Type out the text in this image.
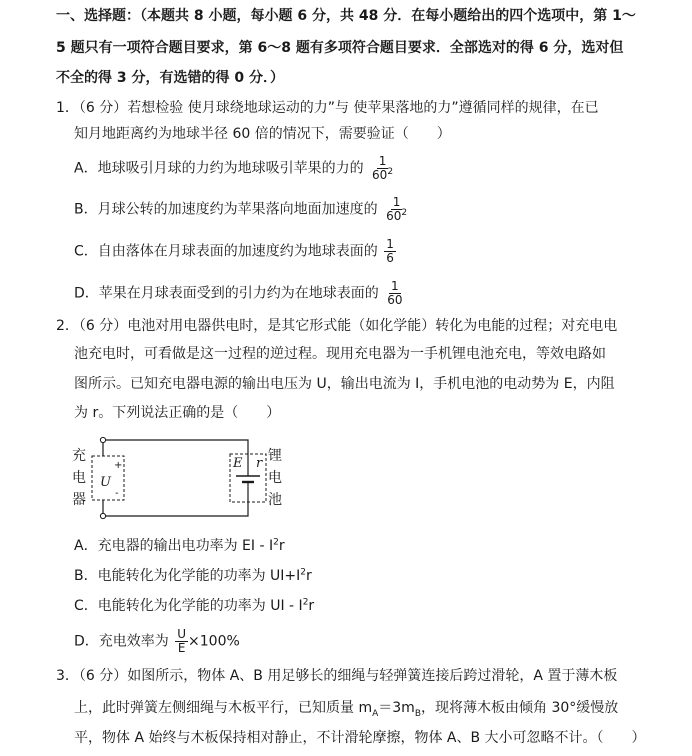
一、选择题：（本题共 8 小题，每小题 6 分，共 48 分．在每小题给出的四个选项中，第 1～
5 题只有一项符合题目要求，第 6～8 题有多项符合题目要求．全部选对的得 6 分，选对但
不全的得 3 分，有选错的得 0 分．）
1．（6 分）若想检验 使月球绕地球运动的力”与 使苹果落地的力”遵循同样的规律，在已
知月地距离约为地球半径 60 倍的情况下，需要验证（　　）
A．地球吸引月球的力约为地球吸引苹果的力的 $\frac{1}{60^2}$
B．月球公转的加速度约为苹果落向地面加速度的 $\frac{1}{60^2}$
C．自由落体在月球表面的加速度约为地球表面的 $\frac{1}{6}$
D．苹果在月球表面受到的引力约为在地球表面的 $\frac{1}{60}$
2．（6 分）电池对用电器供电时，是其它形式能（如化学能）转化为电能的过程；对充电电
池充电时，可看做是这一过程的逆过程。现用充电器为一手机锂电池充电，等效电路如
图所示。已知充电器电源的输出电压为 U，输出电流为 I，手机电池的电动势为 E，内阻
为 r。下列说法正确的是（　　）
充
电
器
锂
电
池
+
U
-
E r
A．充电器的输出电功率为 EI - $I^2r$
B．电能转化为化学能的功率为 $UI+I^2r$
C．电能转化为化学能的功率为 UI - $I^2r$
D．充电效率为 $\frac{U}{E} \times 100\%$
3．（6 分）如图所示，物体 A、B 用足够长的细绳与轻弹簧连接后跨过滑轮，A 置于薄木板
上，此时弹簧左侧细绳与木板平行，已知质量 $m_A=3m_B$，现将薄木板由倾角 30°缓慢放
平，物体 A 始终与木板保持相对静止，不计滑轮摩擦，物体 A、B 大小可忽略不计。（　　）
